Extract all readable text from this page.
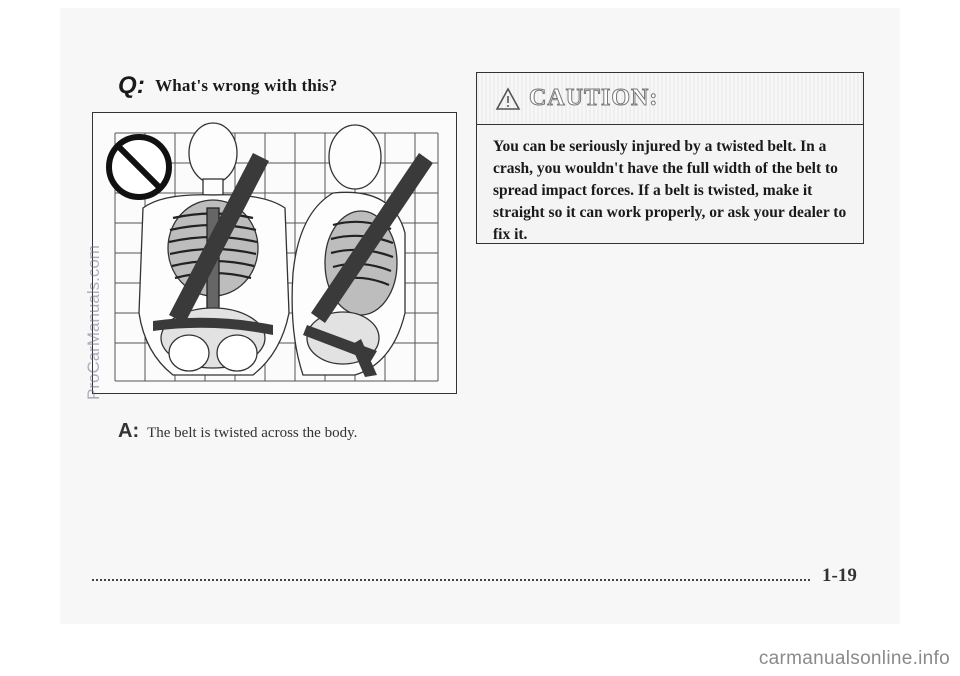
Q: What's wrong with this?
A: The belt is twisted across the body.
CAUTION:
You can be seriously injured by a twisted belt. In a crash, you wouldn't have the full width of the belt to spread impact forces. If a belt is twisted, make it straight so it can work properly, or ask your dealer to fix it.
1-19
ProCarManuals.com
carmanualsonline.info
